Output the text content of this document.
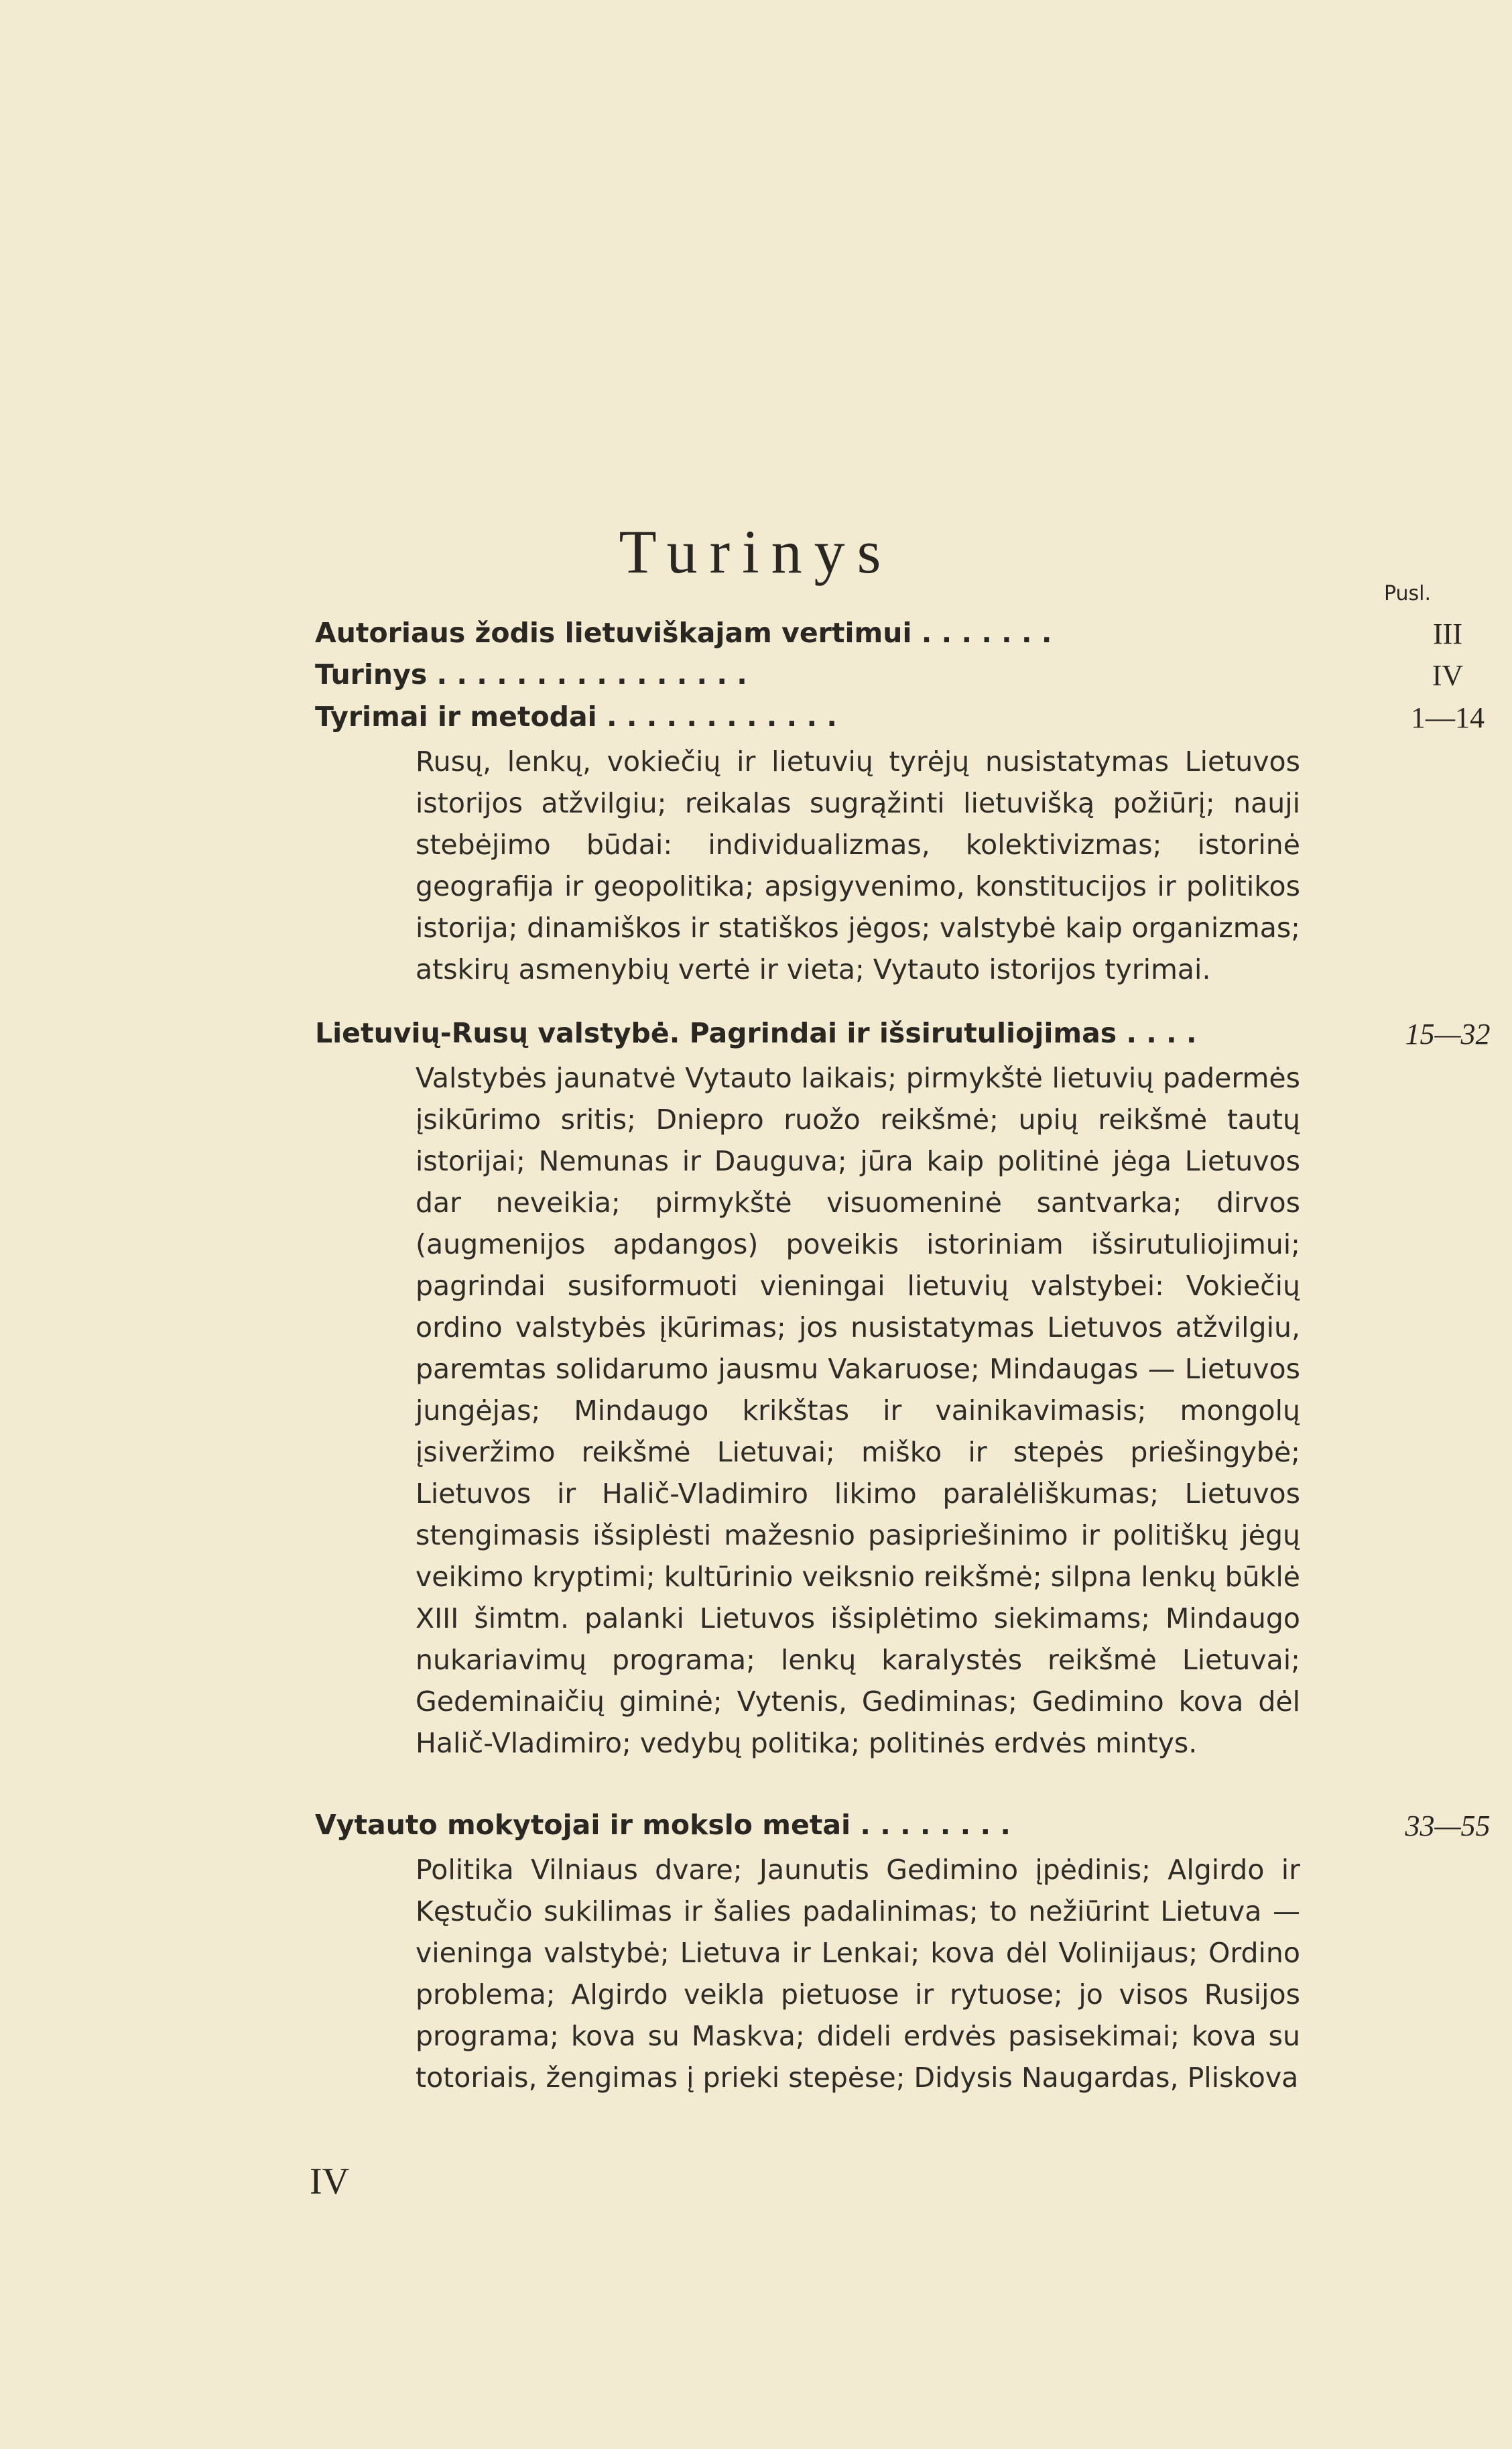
Turinys
Pusl.
Autoriaus žodis lietuviškajam vertimui . . . . . . .	III
Turinys . . . . . . . . . . . . . . . .	IV
Tyrimai ir metodai . . . . . . . . . . . .	1—14
Rusų, lenkų, vokiečių ir lietuvių tyrėjų nusistatymas Lietuvos istorijos atžvilgiu; reikalas sugrąžinti lietuvišką požiūrį; nauji stebėjimo būdai: individualizmas, kolektivizmas; istorinė geografija ir geopolitika; apsigyvenimo, konstitucijos ir politikos istorija; dinamiškos ir statiškos jėgos; valstybė kaip organizmas; atskirų asmenybių vertė ir vieta; Vytauto istorijos tyrimai.
Lietuvių-Rusų valstybė. Pagrindai ir išsirutuliojimas . . . .	15—32
Valstybės jaunatvė Vytauto laikais; pirmykštė lietuvių padermės įsikūrimo sritis; Dniepro ruožo reikšmė; upių reikšmė tautų istorijai; Nemunas ir Dauguva; jūra kaip politinė jėga Lietuvos dar neveikia; pirmykštė visuomeninė santvarka; dirvos (augmenijos apdangos) poveikis istoriniam išsirutuliojimui; pagrindai susiformuoti vieningai lietuvių valstybei: Vokiečių ordino valstybės įkūrimas; jos nusistatymas Lietuvos atžvilgiu, paremtas solidarumo jausmu Vakaruose; Mindaugas — Lietuvos jungėjas; Mindaugo krikštas ir vainikavimasis; mongolų įsiveržimo reikšmė Lietuvai; miško ir stepės priešingybė; Lietuvos ir Halič-Vladimiro likimo paralėliškumas; Lietuvos stengimasis išsiplėsti mažesnio pasipriešinimo ir politiškų jėgų veikimo kryptimi; kultūrinio veiksnio reikšmė; silpna lenkų būklė XIII šimtm. palanki Lietuvos išsiplėtimo siekimams; Mindaugo nukariavimų programa; lenkų karalystės reikšmė Lietuvai; Gedeminaičių giminė; Vytenis, Gediminas; Gedimino kova dėl Halič-Vladimiro; vedybų politika; politinės erdvės mintys.
Vytauto mokytojai ir mokslo metai . . . . . . . .	33—55
Politika Vilniaus dvare; Jaunutis Gedimino įpėdinis; Algirdo ir Kęstučio sukilimas ir šalies padalinimas; to nežiūrint Lietuva — vieninga valstybė; Lietuva ir Lenkai; kova dėl Volinijaus; Ordino problema; Algirdo veikla pietuose ir rytuose; jo visos Rusijos programa; kova su Maskva; dideli erdvės pasisekimai; kova su totoriais, žengimas į prieki stepėse; Didysis Naugardas, Pliskova
IV
